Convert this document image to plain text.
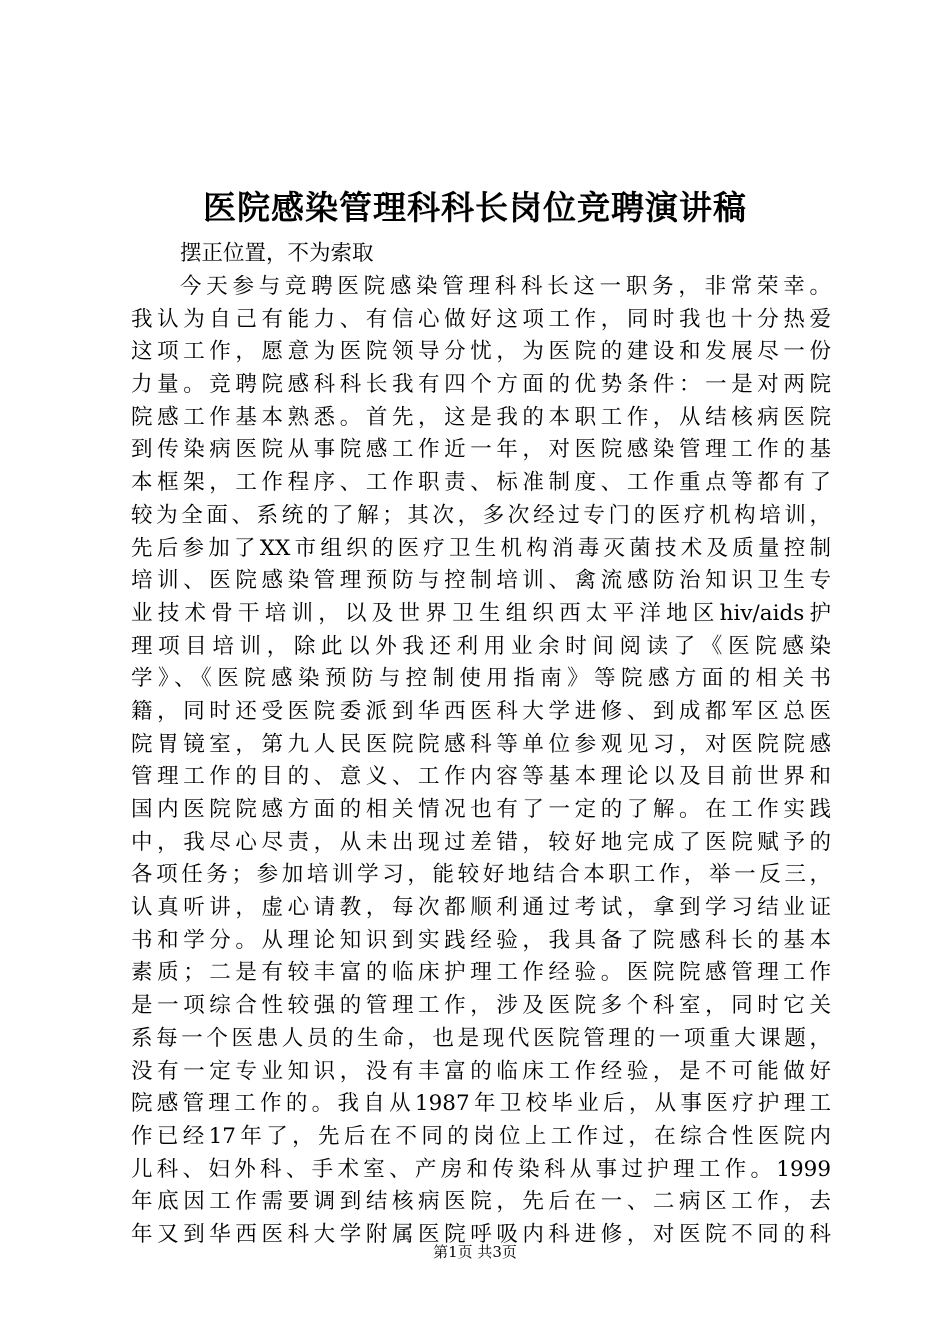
医院感染管理科科长岗位竞聘演讲稿

摆正位置，不为索取

今天参与竞聘医院感染管理科科长这一职务，非常荣幸。
我认为自己有能力、有信心做好这项工作，同时我也十分热爱
这项工作，愿意为医院领导分忧，为医院的建设和发展尽一份
力量。竞聘院感科科长我有四个方面的优势条件：一是对两院
院感工作基本熟悉。首先，这是我的本职工作，从结核病医院
到传染病医院从事院感工作近一年，对医院感染管理工作的基
本框架，工作程序、工作职责、标准制度、工作重点等都有了
较为全面、系统的了解；其次，多次经过专门的医疗机构培训，
先后参加了XX市组织的医疗卫生机构消毒灭菌技术及质量控制
培训、医院感染管理预防与控制培训、禽流感防治知识卫生专
业技术骨干培训，以及世界卫生组织西太平洋地区hiv/aids护
理项目培训，除此以外我还利用业余时间阅读了《医院感染
学》、《医院感染预防与控制使用指南》等院感方面的相关书
籍，同时还受医院委派到华西医科大学进修、到成都军区总医
院胃镜室，第九人民医院院感科等单位参观见习，对医院院感
管理工作的目的、意义、工作内容等基本理论以及目前世界和
国内医院院感方面的相关情况也有了一定的了解。在工作实践
中，我尽心尽责，从未出现过差错，较好地完成了医院赋予的
各项任务；参加培训学习，能较好地结合本职工作，举一反三，
认真听讲，虚心请教，每次都顺利通过考试，拿到学习结业证
书和学分。从理论知识到实践经验，我具备了院感科长的基本
素质；二是有较丰富的临床护理工作经验。医院院感管理工作
是一项综合性较强的管理工作，涉及医院多个科室，同时它关
系每一个医患人员的生命，也是现代医院管理的一项重大课题，
没有一定专业知识，没有丰富的临床工作经验，是不可能做好
院感管理工作的。我自从1987年卫校毕业后，从事医疗护理工
作已经17年了，先后在不同的岗位上工作过，在综合性医院内
儿科、妇外科、手术室、产房和传染科从事过护理工作。1999
年底因工作需要调到结核病医院，先后在一、二病区工作，去
年又到华西医科大学附属医院呼吸内科进修，对医院不同的科

第1页 共3页
